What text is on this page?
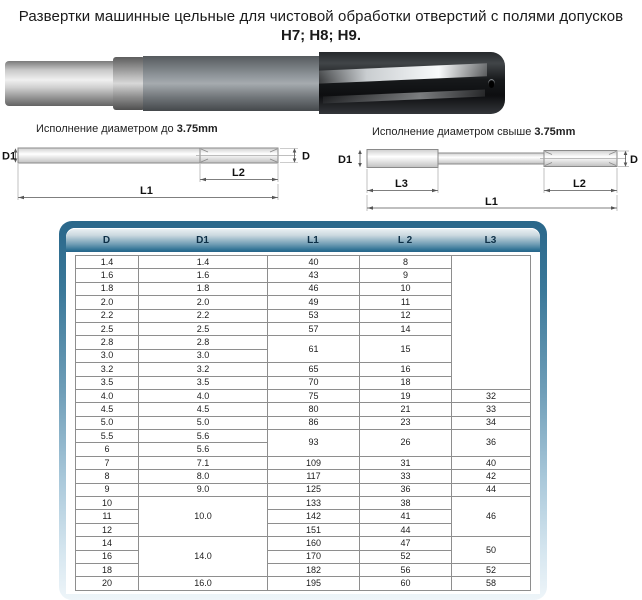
Развертки машинные цельные для чистовой обработки отверстий с полями допусков
Н7; Н8; Н9.
Исполнение диаметром до 3.75mm
D1	D
L2
L1
Исполнение диаметром свыше 3.75mm
D1	D
L3	L2
L1
D	D1	L1	L 2	L3
1.4	1.4	40	8	
1.6	1.6	43	9	
1.8	1.8	46	10	
2.0	2.0	49	11	
2.2	2.2	53	12	
2.5	2.5	57	14	
2.8	2.8	61	15	
3.0	3.0			
3.2	3.2	65	16	
3.5	3.5	70	18	
4.0	4.0	75	19	32
4.5	4.5	80	21	33
5.0	5.0	86	23	34
5.5	5.6	93	26	36
6	5.6			
7	7.1	109	31	40
8	8.0	117	33	42
9	9.0	125	36	44
10	10.0	133	38	46
11		142	41	
12		151	44	
14	14.0	160	47	50
16		170	52	
18		182	56	52
20	16.0	195	60	58
